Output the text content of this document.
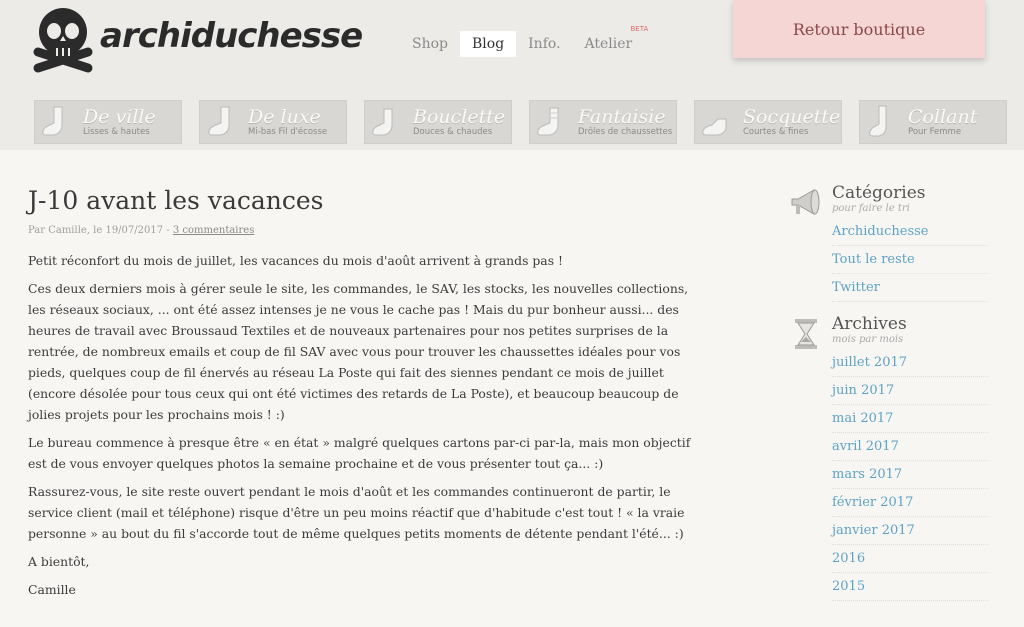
archiduchesse	Shop	Blog	Info.	Atelier
BETA	Retour boutique
De ville
Lisses & hautes
De luxe
Mi-bas Fil d'écosse
Bouclette
Douces & chaudes
Fantaisie
Drôles de chaussettes
Socquette
Courtes & fines
Collant
Pour Femme
J-10 avant les vacances
Par Camille, le 19/07/2017 - 3 commentaires

Petit réconfort du mois de juillet, les vacances du mois d'août arrivent à grands pas !

Ces deux derniers mois à gérer seule le site, les commandes, le SAV, les stocks, les nouvelles collections, les réseaux sociaux, ... ont été assez intenses je ne vous le cache pas ! Mais du pur bonheur aussi... des heures de travail avec Broussaud Textiles et de nouveaux partenaires pour nos petites surprises de la rentrée, de nombreux emails et coup de fil SAV avec vous pour trouver les chaussettes idéales pour vos pieds, quelques coup de fil énervés au réseau La Poste qui fait des siennes pendant ce mois de juillet (encore désolée pour tous ceux qui ont été victimes des retards de La Poste), et beaucoup beaucoup de jolies projets pour les prochains mois ! :)

Le bureau commence à presque être « en état » malgré quelques cartons par-ci par-la, mais mon objectif est de vous envoyer quelques photos la semaine prochaine et de vous présenter tout ça... :)

Rassurez-vous, le site reste ouvert pendant le mois d'août et les commandes continueront de partir, le service client (mail et téléphone) risque d'être un peu moins réactif que d'habitude c'est tout ! « la vraie personne » au bout du fil s'accorde tout de même quelques petits moments de détente pendant l'été... :)

A bientôt,

Camille

Catégories
pour faire le tri
Archiduchesse
Tout le reste
Twitter
Archives
mois par mois
juillet 2017
juin 2017
mai 2017
avril 2017
mars 2017
février 2017
janvier 2017
2016
2015
